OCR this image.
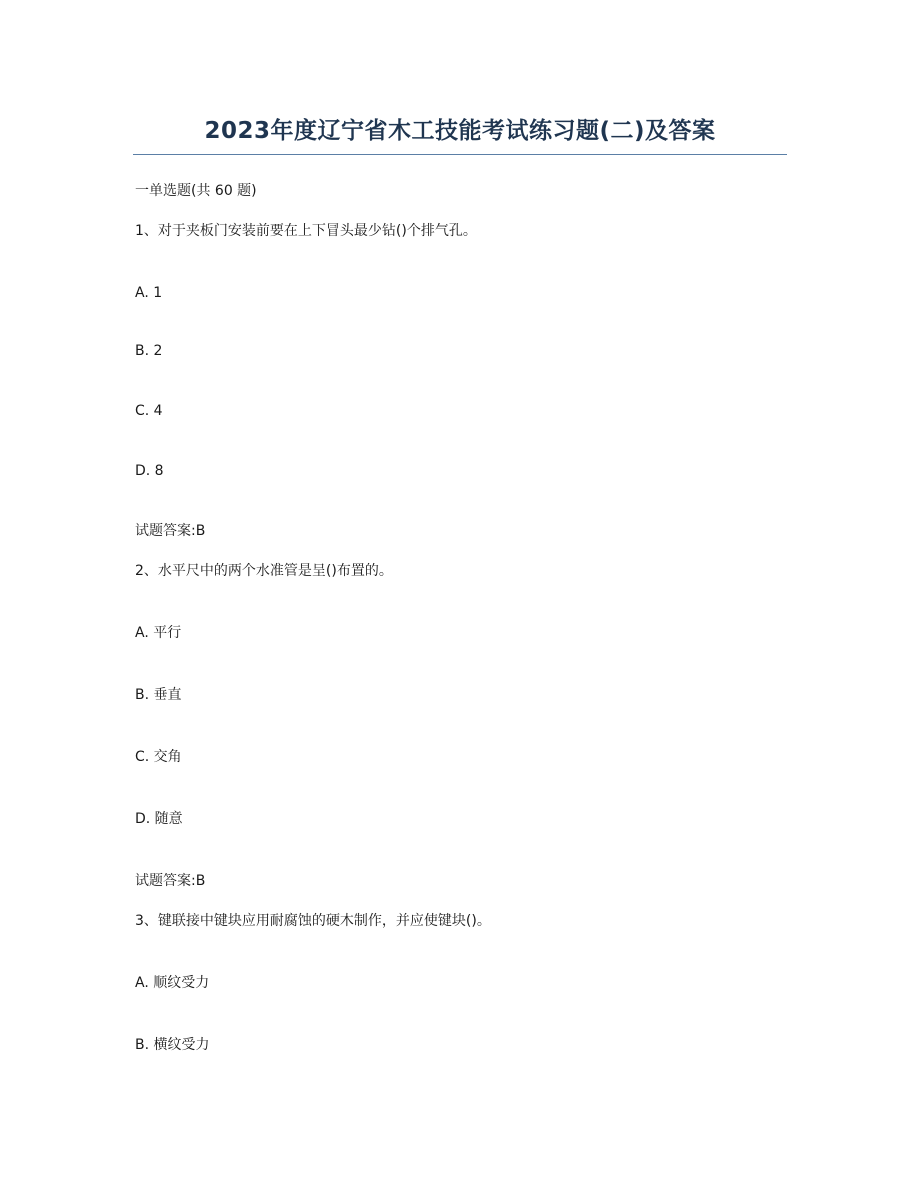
2023年度辽宁省木工技能考试练习题(二)及答案
一单选题(共 60 题)
1、对于夹板门安装前要在上下冒头最少钻()个排气孔。
A. 1
B. 2
C. 4
D. 8
试题答案:B
2、水平尺中的两个水准管是呈()布置的。
A. 平行
B. 垂直
C. 交角
D. 随意
试题答案:B
3、键联接中键块应用耐腐蚀的硬木制作，并应使键块()。
A. 顺纹受力
B. 横纹受力
